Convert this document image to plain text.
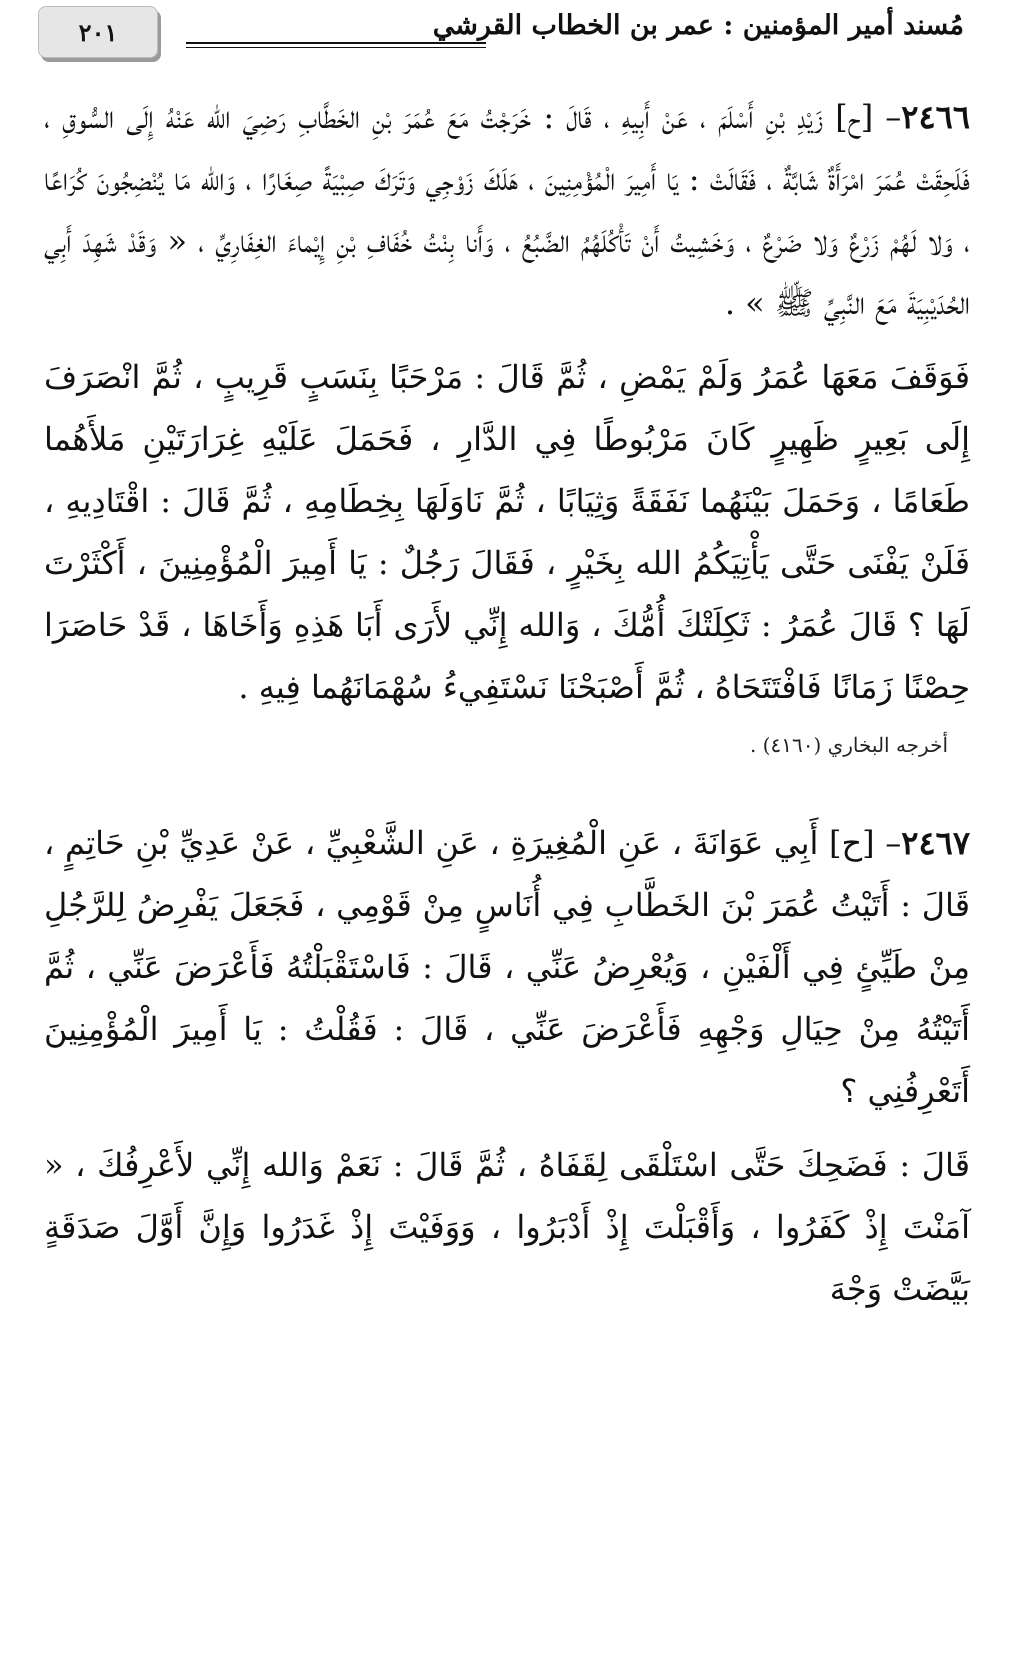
٢٠١	مُسند أمير المؤمنين : عمر بن الخطاب القرشي

٢٤٦٦– [ح] زَيْدِ بْنِ أَسْلَمَ ، عَنْ أَبِيهِ ، قَالَ : خَرَجْتُ مَعَ عُمَرَ بْنِ الخَطَّابِ رَضِيَ الله عَنْهُ إِلَى السُّوقِ ، فَلَحِقَتْ عُمَرَ امْرَأَةٌ شَابَّةٌ ، فَقَالَتْ : يَا أَمِيرَ الْمُؤْمِنِينَ ، هَلَكَ زَوْجِي وَتَرَكَ صِبْيَةً صِغَارًا ، وَالله مَا يُنْضِجُونَ كُرَاعًا ، وَلا لَهُمْ زَرْعٌ وَلا ضَرْعٌ ، وَخَشِيتُ أَنْ تَأْكُلَهُمُ الضَّبُعُ ، وَأَنا بِنْتُ خُفَافِ بْنِ إِيْماءَ الغِفَارِيِّ ، « وَقَدْ شَهِدَ أَبِي الحُدَيْبِيَةَ مَعَ النَّبِيِّ ﷺ » .

فَوَقَفَ مَعَهَا عُمَرُ وَلَمْ يَمْضِ ، ثُمَّ قَالَ : مَرْحَبًا بِنَسَبٍ قَرِيبٍ ، ثُمَّ انْصَرَفَ إِلَى بَعِيرٍ ظَهِيرٍ كَانَ مَرْبُوطًا فِي الدَّارِ ، فَحَمَلَ عَلَيْهِ غِرَارَتَيْنِ مَلأَهُما طَعَامًا ، وَحَمَلَ بَيْنَهُما نَفَقَةً وَثِيَابًا ، ثُمَّ نَاوَلَهَا بِخِطَامِهِ ، ثُمَّ قَالَ : اقْتَادِيهِ ، فَلَنْ يَفْنَى حَتَّى يَأْتِيَكُمُ الله بِخَيْرٍ ، فَقَالَ رَجُلٌ : يَا أَمِيرَ الْمُؤْمِنِينَ ، أَكْثَرْتَ لَهَا ؟ قَالَ عُمَرُ : ثَكِلَتْكَ أُمُّكَ ، وَالله إِنِّي لأَرَى أَبَا هَذِهِ وَأَخَاهَا ، قَدْ حَاصَرَا حِصْنًا زَمَانًا فَافْتَتَحَاهُ ، ثُمَّ أَصْبَحْنَا نَسْتَفِيءُ سُهْمَانَهُما فِيهِ .

أخرجه البخاري (٤١٦٠) .

٢٤٦٧– [ح] أَبِي عَوَانَةَ ، عَنِ الْمُغِيرَةِ ، عَنِ الشَّعْبِيِّ ، عَنْ عَدِيِّ بْنِ حَاتِمٍ ، قَالَ : أَتَيْتُ عُمَرَ بْنَ الخَطَّابِ فِي أُنَاسٍ مِنْ قَوْمِي ، فَجَعَلَ يَفْرِضُ لِلرَّجُلِ مِنْ طَيِّئٍ فِي أَلْفَيْنِ ، وَيُعْرِضُ عَنِّي ، قَالَ : فَاسْتَقْبَلْتُهُ فَأَعْرَضَ عَنِّي ، ثُمَّ أَتَيْتُهُ مِنْ حِيَالِ وَجْهِهِ فَأَعْرَضَ عَنِّي ، قَالَ : فَقُلْتُ : يَا أَمِيرَ الْمُؤْمِنِينَ أَتَعْرِفُنِي ؟

قَالَ : فَضَحِكَ حَتَّى اسْتَلْقَى لِقَفَاهُ ، ثُمَّ قَالَ : نَعَمْ وَالله إِنِّي لأَعْرِفُكَ ، « آمَنْتَ إِذْ كَفَرُوا ، وَأَقْبَلْتَ إِذْ أَدْبَرُوا ، وَوَفَيْتَ إِذْ غَدَرُوا وَإِنَّ أَوَّلَ صَدَقَةٍ بَيَّضَتْ وَجْهَ
